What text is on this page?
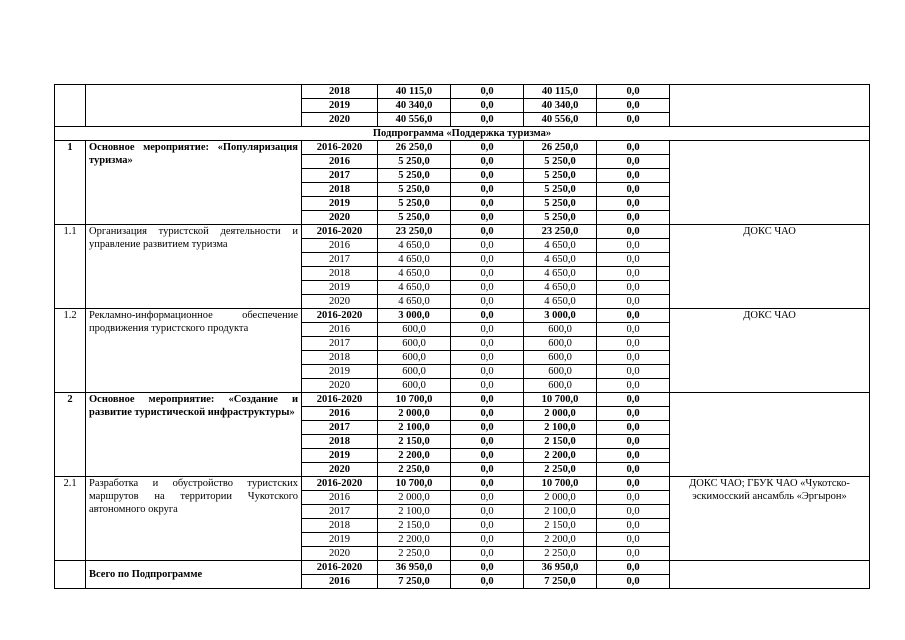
		2018	40 115,0	0,0	40 115,0	0,0	
		2019	40 340,0	0,0	40 340,0	0,0	
		2020	40 556,0	0,0	40 556,0	0,0	
Подпрограмма «Поддержка туризма»							
1	Основное мероприятие: «Популяризация туризма»	2016-2020	26 250,0	0,0	26 250,0	0,0	
		2016	5 250,0	0,0	5 250,0	0,0	
		2017	5 250,0	0,0	5 250,0	0,0	
		2018	5 250,0	0,0	5 250,0	0,0	
		2019	5 250,0	0,0	5 250,0	0,0	
		2020	5 250,0	0,0	5 250,0	0,0	
1.1	Организация туристской деятельности и управление развитием туризма	2016-2020	23 250,0	0,0	23 250,0	0,0	ДОКС ЧАО
		2016	4 650,0	0,0	4 650,0	0,0	
		2017	4 650,0	0,0	4 650,0	0,0	
		2018	4 650,0	0,0	4 650,0	0,0	
		2019	4 650,0	0,0	4 650,0	0,0	
		2020	4 650,0	0,0	4 650,0	0,0	
1.2	Рекламно-информационное обеспечение продвижения туристского продукта	2016-2020	3 000,0	0,0	3 000,0	0,0	ДОКС ЧАО
		2016	600,0	0,0	600,0	0,0	
		2017	600,0	0,0	600,0	0,0	
		2018	600,0	0,0	600,0	0,0	
		2019	600,0	0,0	600,0	0,0	
		2020	600,0	0,0	600,0	0,0	
2	Основное мероприятие: «Создание и развитие туристической инфраструктуры»	2016-2020	10 700,0	0,0	10 700,0	0,0	
		2016	2 000,0	0,0	2 000,0	0,0	
		2017	2 100,0	0,0	2 100,0	0,0	
		2018	2 150,0	0,0	2 150,0	0,0	
		2019	2 200,0	0,0	2 200,0	0,0	
		2020	2 250,0	0,0	2 250,0	0,0	
2.1	Разработка и обустройство туристских маршрутов на территории Чукотского автономного округа	2016-2020	10 700,0	0,0	10 700,0	0,0	ДОКС ЧАО; ГБУК ЧАО «Чукотско-эскимосский ансамбль «Эргырон»
		2016	2 000,0	0,0	2 000,0	0,0	
		2017	2 100,0	0,0	2 100,0	0,0	
		2018	2 150,0	0,0	2 150,0	0,0	
		2019	2 200,0	0,0	2 200,0	0,0	
		2020	2 250,0	0,0	2 250,0	0,0	
	Всего по Подпрограмме	2016-2020	36 950,0	0,0	36 950,0	0,0	
		2016	7 250,0	0,0	7 250,0	0,0	
